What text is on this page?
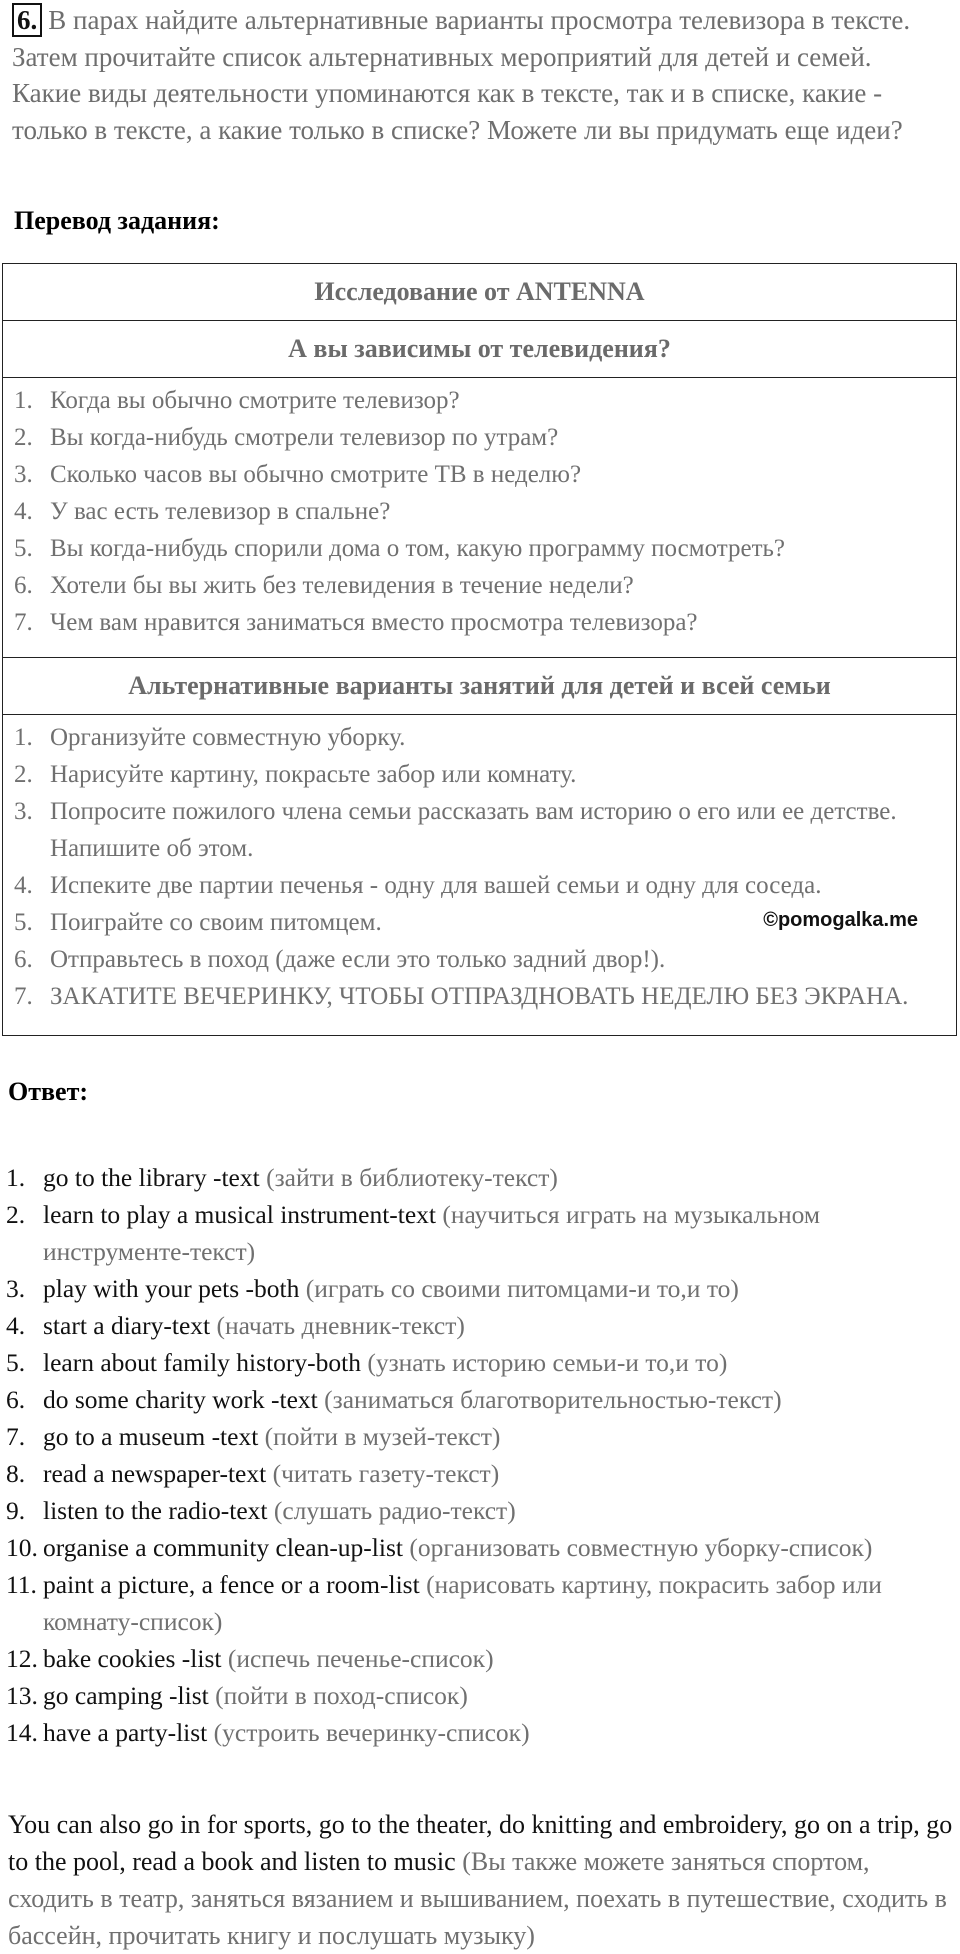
6. В парах найдите альтернативные варианты просмотра телевизора в тексте. Затем прочитайте список альтернативных мероприятий для детей и семей. Какие виды деятельности упоминаются как в тексте, так и в списке, какие - только в тексте, а какие только в списке? Можете ли вы придумать еще идеи?
Перевод задания:
Исследование от ANTENNA
А вы зависимы от телевидения?
1. Когда вы обычно смотрите телевизор?
2. Вы когда-нибудь смотрели телевизор по утрам?
3. Сколько часов вы обычно смотрите ТВ в неделю?
4. У вас есть телевизор в спальне?
5. Вы когда-нибудь спорили дома о том, какую программу посмотреть?
6. Хотели бы вы жить без телевидения в течение недели?
7. Чем вам нравится заниматься вместо просмотра телевизора?
Альтернативные варианты занятий для детей и всей семьи
1. Организуйте совместную уборку.
2. Нарисуйте картину, покрасьте забор или комнату.
3. Попросите пожилого члена семьи рассказать вам историю о его или ее детстве. Напишите об этом.
4. Испеките две партии печенья - одну для вашей семьи и одну для соседа.
5. Поиграйте со своим питомцем.
6. Отправьтесь в поход (даже если это только задний двор!).
7. ЗАКАТИТЕ ВЕЧЕРИНКУ, ЧТОБЫ ОТПРАЗДНОВАТЬ НЕДЕЛЮ БЕЗ ЭКРАНА.
©pomogalka.me
Ответ:
1. go to the library -text (зайти в библиотеку-текст)
2. learn to play a musical instrument-text (научиться играть на музыкальном инструменте-текст)
3. play with your pets -both (играть со своими питомцами-и то,и то)
4. start a diary-text (начать дневник-текст)
5. learn about family history-both (узнать историю семьи-и то,и то)
6. do some charity work -text (заниматься благотворительностью-текст)
7. go to a museum -text (пойти в музей-текст)
8. read a newspaper-text (читать газету-текст)
9. listen to the radio-text (слушать радио-текст)
10. organise a community clean-up-list (организовать совместную уборку-список)
11. paint a picture, a fence or a room-list (нарисовать картину, покрасить забор или комнату-список)
12. bake cookies -list (испечь печенье-список)
13. go camping -list (пойти в поход-список)
14. have a party-list (устроить вечеринку-список)
You can also go in for sports, go to the theater, do knitting and embroidery, go on a trip, go to the pool, read a book and listen to music (Вы также можете заняться спортом, сходить в театр, заняться вязанием и вышиванием, поехать в путешествие, сходить в бассейн, прочитать книгу и послушать музыку)
